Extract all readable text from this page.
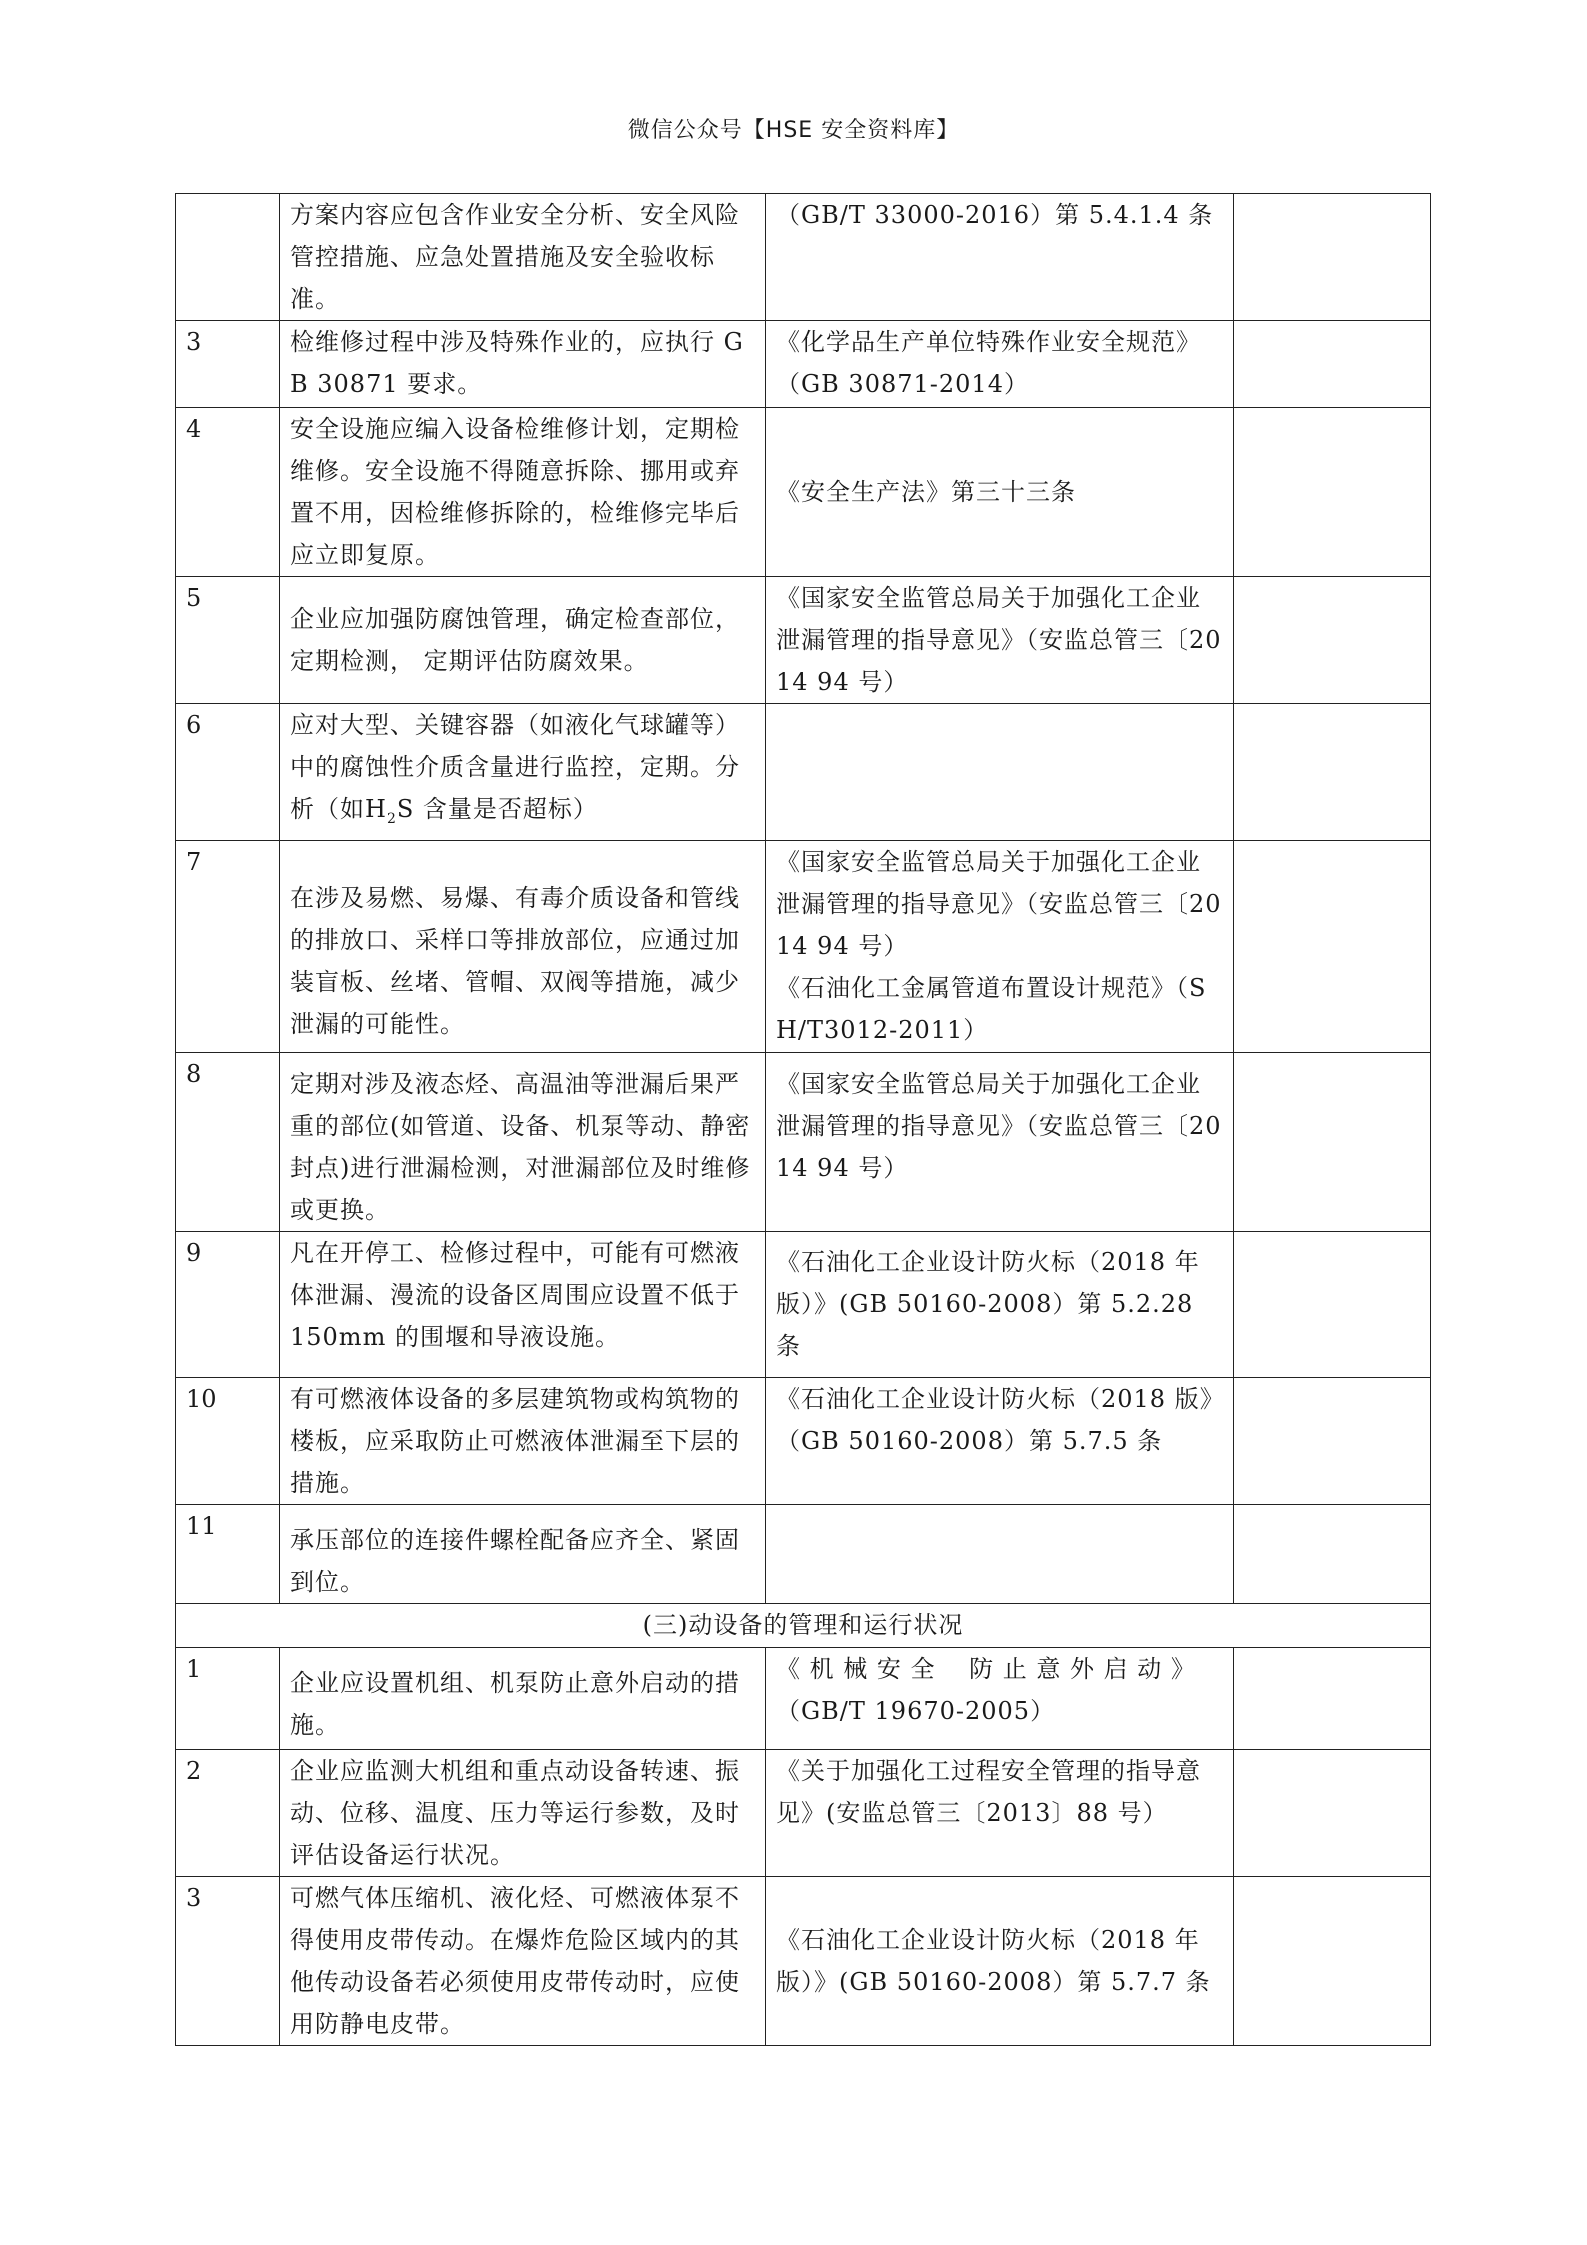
微信公众号【HSE 安全资料库】
	方案内容应包含作业安全分析、安全风险管控措施、应急处置措施及安全验收标准。	（GB/T 33000-2016）第 5.4.1.4 条	
3	检维修过程中涉及特殊作业的，应执行 GB 30871 要求。	《化学品生产单位特殊作业安全规范》（GB 30871-2014）	
4	安全设施应编入设备检维修计划，定期检维修。安全设施不得随意拆除、挪用或弃置不用，因检维修拆除的，检维修完毕后应立即复原。	《安全生产法》第三十三条	
5	企业应加强防腐蚀管理，确定检查部位，定期检测， 定期评估防腐效果。	《国家安全监管总局关于加强化工企业泄漏管理的指导意见》（安监总管三〔2014 94 号）	
6	应对大型、关键容器（如液化气球罐等）中的腐蚀性介质含量进行监控，定期。分析（如$H_2S$ 含量是否超标）		
7	在涉及易燃、易爆、有毒介质设备和管线的排放口、采样口等排放部位，应通过加装盲板、丝堵、管帽、双阀等措施，减少泄漏的可能性。	《国家安全监管总局关于加强化工企业泄漏管理的指导意见》（安监总管三〔2014 94 号）
《石油化工金属管道布置设计规范》（SH/T3012-2011）	

8	定期对涉及液态烃、高温油等泄漏后果严重的部位(如管道、设备、机泵等动、静密封点)进行泄漏检测，对泄漏部位及时维修或更换。	《国家安全监管总局关于加强化工企业泄漏管理的指导意见》（安监总管三〔2014 94 号）	
9	凡在开停工、检修过程中，可能有可燃液体泄漏、漫流的设备区周围应设置不低于 150mm 的围堰和导液设施。	《石油化工企业设计防火标（2018 年版）》(GB 50160-2008）第 5.2.28 条	
10	有可燃液体设备的多层建筑物或构筑物的楼板，应采取防止可燃液体泄漏至下层的措施。	《石油化工企业设计防火标（2018 版》（GB 50160-2008）第 5.7.5 条	
11	承压部位的连接件螺栓配备应齐全、紧固到位。		
(三)动设备的管理和运行状况			
1	企业应设置机组、机泵防止意外启动的措施。	《 机 械 安 全　 防 止 意 外 启 动 》（GB/T 19670-2005）	
2	企业应监测大机组和重点动设备转速、振动、位移、温度、压力等运行参数，及时评估设备运行状况。	《关于加强化工过程安全管理的指导意见》(安监总管三〔2013〕88 号）	
3	可燃气体压缩机、液化烃、可燃液体泵不得使用皮带传动。在爆炸危险区域内的其他传动设备若必须使用皮带传动时，应使用防静电皮带。	《石油化工企业设计防火标（2018 年版）》(GB 50160-2008）第 5.7.7 条	
